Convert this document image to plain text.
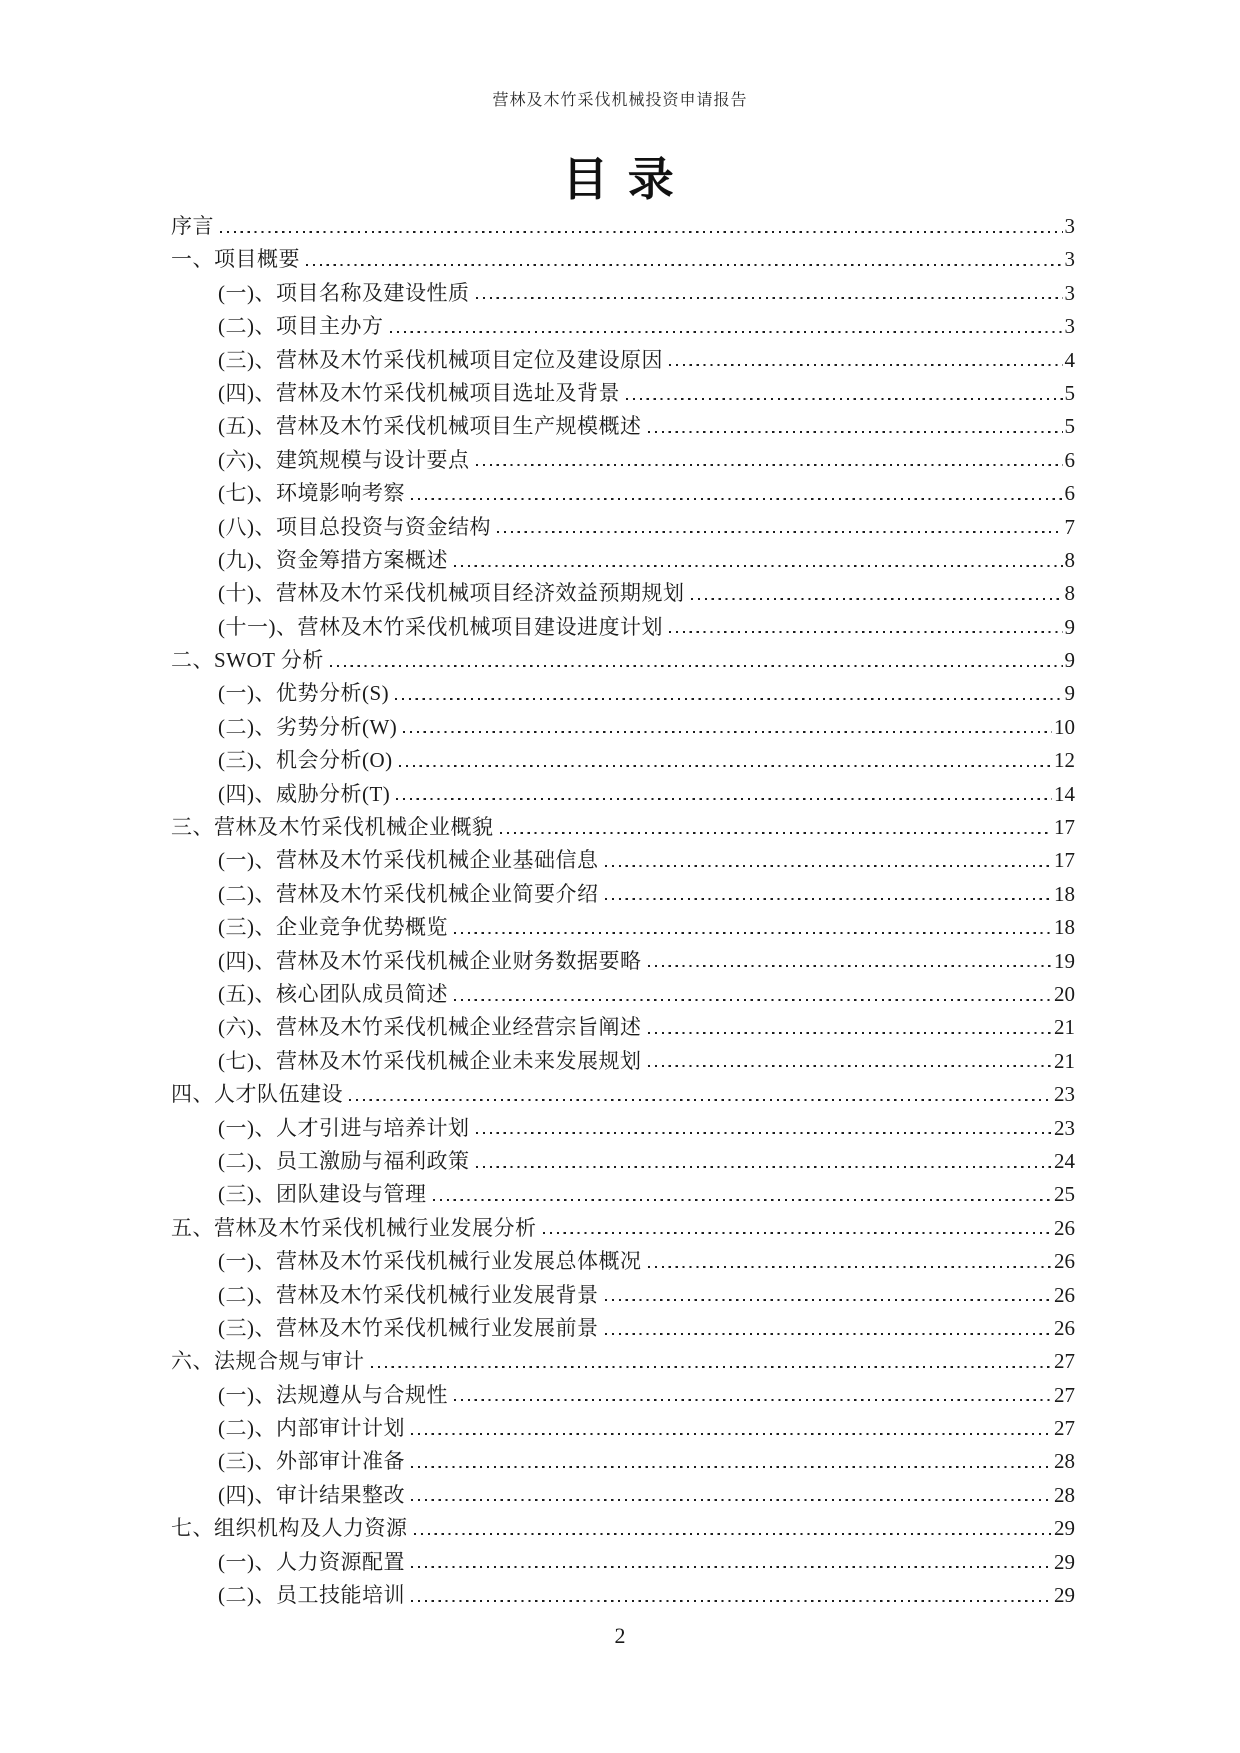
营林及木竹采伐机械投资申请报告
目 录
序言	3
一、项目概要	3
(一)、项目名称及建设性质	3
(二)、项目主办方	3
(三)、营林及木竹采伐机械项目定位及建设原因	4
(四)、营林及木竹采伐机械项目选址及背景	5
(五)、营林及木竹采伐机械项目生产规模概述	5
(六)、建筑规模与设计要点	6
(七)、环境影响考察	6
(八)、项目总投资与资金结构	7
(九)、资金筹措方案概述	8
(十)、营林及木竹采伐机械项目经济效益预期规划	8
(十一)、营林及木竹采伐机械项目建设进度计划	9
二、SWOT 分析	9
(一)、优势分析(S)	9
(二)、劣势分析(W)	10
(三)、机会分析(O)	12
(四)、威胁分析(T)	14
三、营林及木竹采伐机械企业概貌	17
(一)、营林及木竹采伐机械企业基础信息	17
(二)、营林及木竹采伐机械企业简要介绍	18
(三)、企业竞争优势概览	18
(四)、营林及木竹采伐机械企业财务数据要略	19
(五)、核心团队成员简述	20
(六)、营林及木竹采伐机械企业经营宗旨阐述	21
(七)、营林及木竹采伐机械企业未来发展规划	21
四、人才队伍建设	23
(一)、人才引进与培养计划	23
(二)、员工激励与福利政策	24
(三)、团队建设与管理	25
五、营林及木竹采伐机械行业发展分析	26
(一)、营林及木竹采伐机械行业发展总体概况	26
(二)、营林及木竹采伐机械行业发展背景	26
(三)、营林及木竹采伐机械行业发展前景	26
六、法规合规与审计	27
(一)、法规遵从与合规性	27
(二)、内部审计计划	27
(三)、外部审计准备	28
(四)、审计结果整改	28
七、组织机构及人力资源	29
(一)、人力资源配置	29
(二)、员工技能培训	29
2
